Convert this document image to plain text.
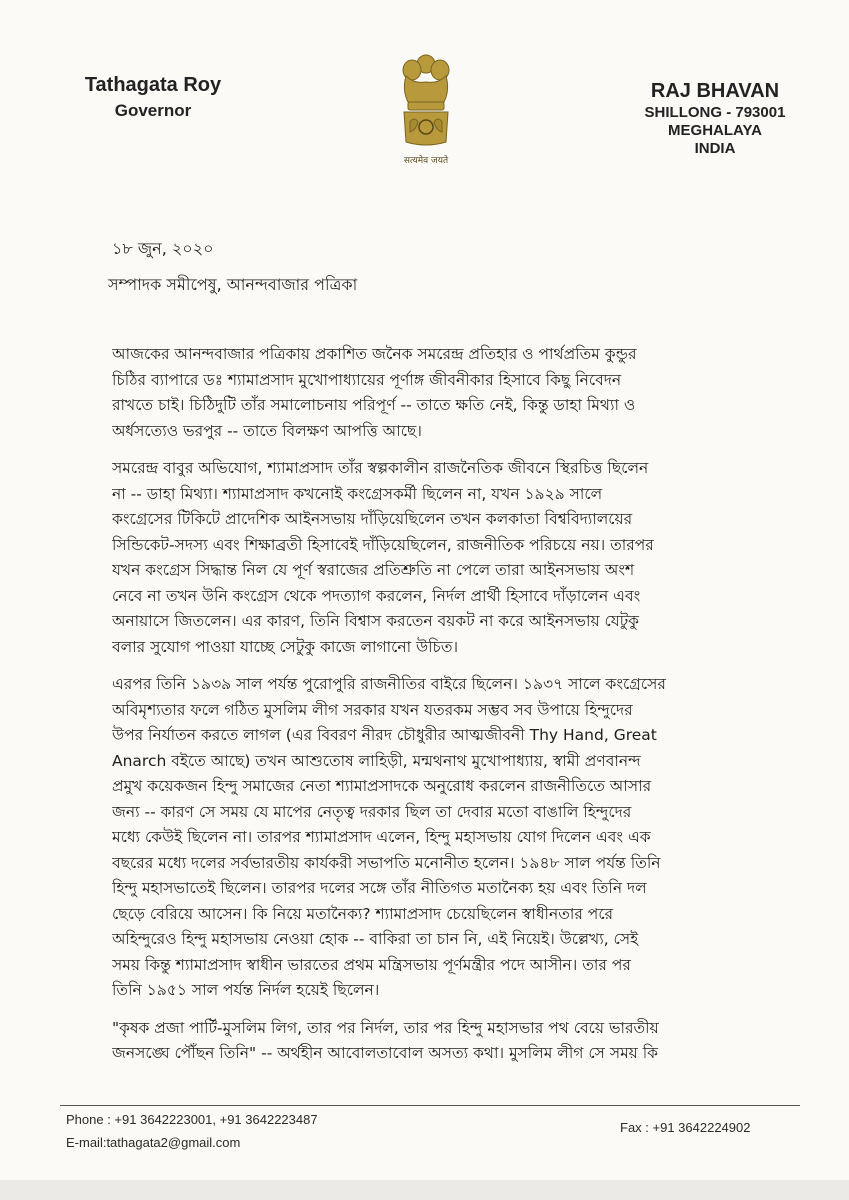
Tathagata Roy
Governor
सत्यमेव जयते
RAJ BHAVAN
SHILLONG - 793001
MEGHALAYA
INDIA
১৮ জুন, ২০২০
সম্পাদক সমীপেষু, আনন্দবাজার পত্রিকা

আজকের আনন্দবাজার পত্রিকায় প্রকাশিত জনৈক সমরেন্দ্র প্রতিহার ও পার্থপ্রতিম কুন্ডুর
চিঠির ব্যাপারে ডঃ শ্যামাপ্রসাদ মুখোপাধ্যায়ের পূর্ণাঙ্গ জীবনীকার হিসাবে কিছু নিবেদন
রাখতে চাই। চিঠিদুটি তাঁর সমালোচনায় পরিপূর্ণ -- তাতে ক্ষতি নেই, কিন্তু ডাহা মিথ্যা ও
অর্ধসত্যেও ভরপুর -- তাতে বিলক্ষণ আপত্তি আছে।

সমরেন্দ্র বাবুর অভিযোগ, শ্যামাপ্রসাদ তাঁর স্বল্পকালীন রাজনৈতিক জীবনে স্থিরচিত্ত ছিলেন
না -- ডাহা মিথ্যা। শ্যামাপ্রসাদ কখনোই কংগ্রেসকর্মী ছিলেন না, যখন ১৯২৯ সালে
কংগ্রেসের টিকিটে প্রাদেশিক আইনসভায় দাঁড়িয়েছিলেন তখন কলকাতা বিশ্ববিদ্যালয়ের
সিন্ডিকেট-সদস্য এবং শিক্ষাব্রতী হিসাবেই দাঁড়িয়েছিলেন, রাজনীতিক পরিচয়ে নয়। তারপর
যখন কংগ্রেস সিদ্ধান্ত নিল যে পূর্ণ স্বরাজের প্রতিশ্রুতি না পেলে তারা আইনসভায় অংশ
নেবে না তখন উনি কংগ্রেস থেকে পদত্যাগ করলেন, নির্দল প্রার্থী হিসাবে দাঁড়ালেন এবং
অনায়াসে জিতলেন। এর কারণ, তিনি বিশ্বাস করতেন বয়কট না করে আইনসভায় যেটুকু
বলার সুযোগ পাওয়া যাচ্ছে সেটুকু কাজে লাগানো উচিত।

এরপর তিনি ১৯৩৯ সাল পর্যন্ত পুরোপুরি রাজনীতির বাইরে ছিলেন। ১৯৩৭ সালে কংগ্রেসের
অবিমৃশ্যতার ফলে গঠিত মুসলিম লীগ সরকার যখন যতরকম সম্ভব সব উপায়ে হিন্দুদের
উপর নির্যাতন করতে লাগল (এর বিবরণ নীরদ চৌধুরীর আত্মজীবনী Thy Hand, Great
Anarch বইতে আছে) তখন আশুতোষ লাহিড়ী, মন্মথনাথ মুখোপাধ্যায়, স্বামী প্রণবানন্দ
প্রমুখ কয়েকজন হিন্দু সমাজের নেতা শ্যামাপ্রসাদকে অনুরোধ করলেন রাজনীতিতে আসার
জন্য -- কারণ সে সময় যে মাপের নেতৃত্ব দরকার ছিল তা দেবার মতো বাঙালি হিন্দুদের
মধ্যে কেউই ছিলেন না। তারপর শ্যামাপ্রসাদ এলেন, হিন্দু মহাসভায় যোগ দিলেন এবং এক
বছরের মধ্যে দলের সর্বভারতীয় কার্যকরী সভাপতি মনোনীত হলেন। ১৯৪৮ সাল পর্যন্ত তিনি
হিন্দু মহাসভাতেই ছিলেন। তারপর দলের সঙ্গে তাঁর নীতিগত মতানৈক্য হয় এবং তিনি দল
ছেড়ে বেরিয়ে আসেন। কি নিয়ে মতানৈক্য? শ্যামাপ্রসাদ চেয়েছিলেন স্বাধীনতার পরে
অহিন্দুরেও হিন্দু মহাসভায় নেওয়া হোক -- বাকিরা তা চান নি, এই নিয়েই। উল্লেখ্য, সেই
সময় কিন্তু শ্যামাপ্রসাদ স্বাধীন ভারতের প্রথম মন্ত্রিসভায় পূর্ণমন্ত্রীর পদে আসীন। তার পর
তিনি ১৯৫১ সাল পর্যন্ত নির্দল হয়েই ছিলেন।

"কৃষক প্রজা পার্টি-মুসলিম লিগ, তার পর নির্দল, তার পর হিন্দু মহাসভার পথ বেয়ে ভারতীয়
জনসঙ্ঘে পৌঁছন তিনি" -- অর্থহীন আবোলতাবোল অসত্য কথা। মুসলিম লীগ সে সময় কি

Phone : +91 3642223001, +91 3642223487
E-mail:tathagata2@gmail.com
Fax : +91 3642224902
